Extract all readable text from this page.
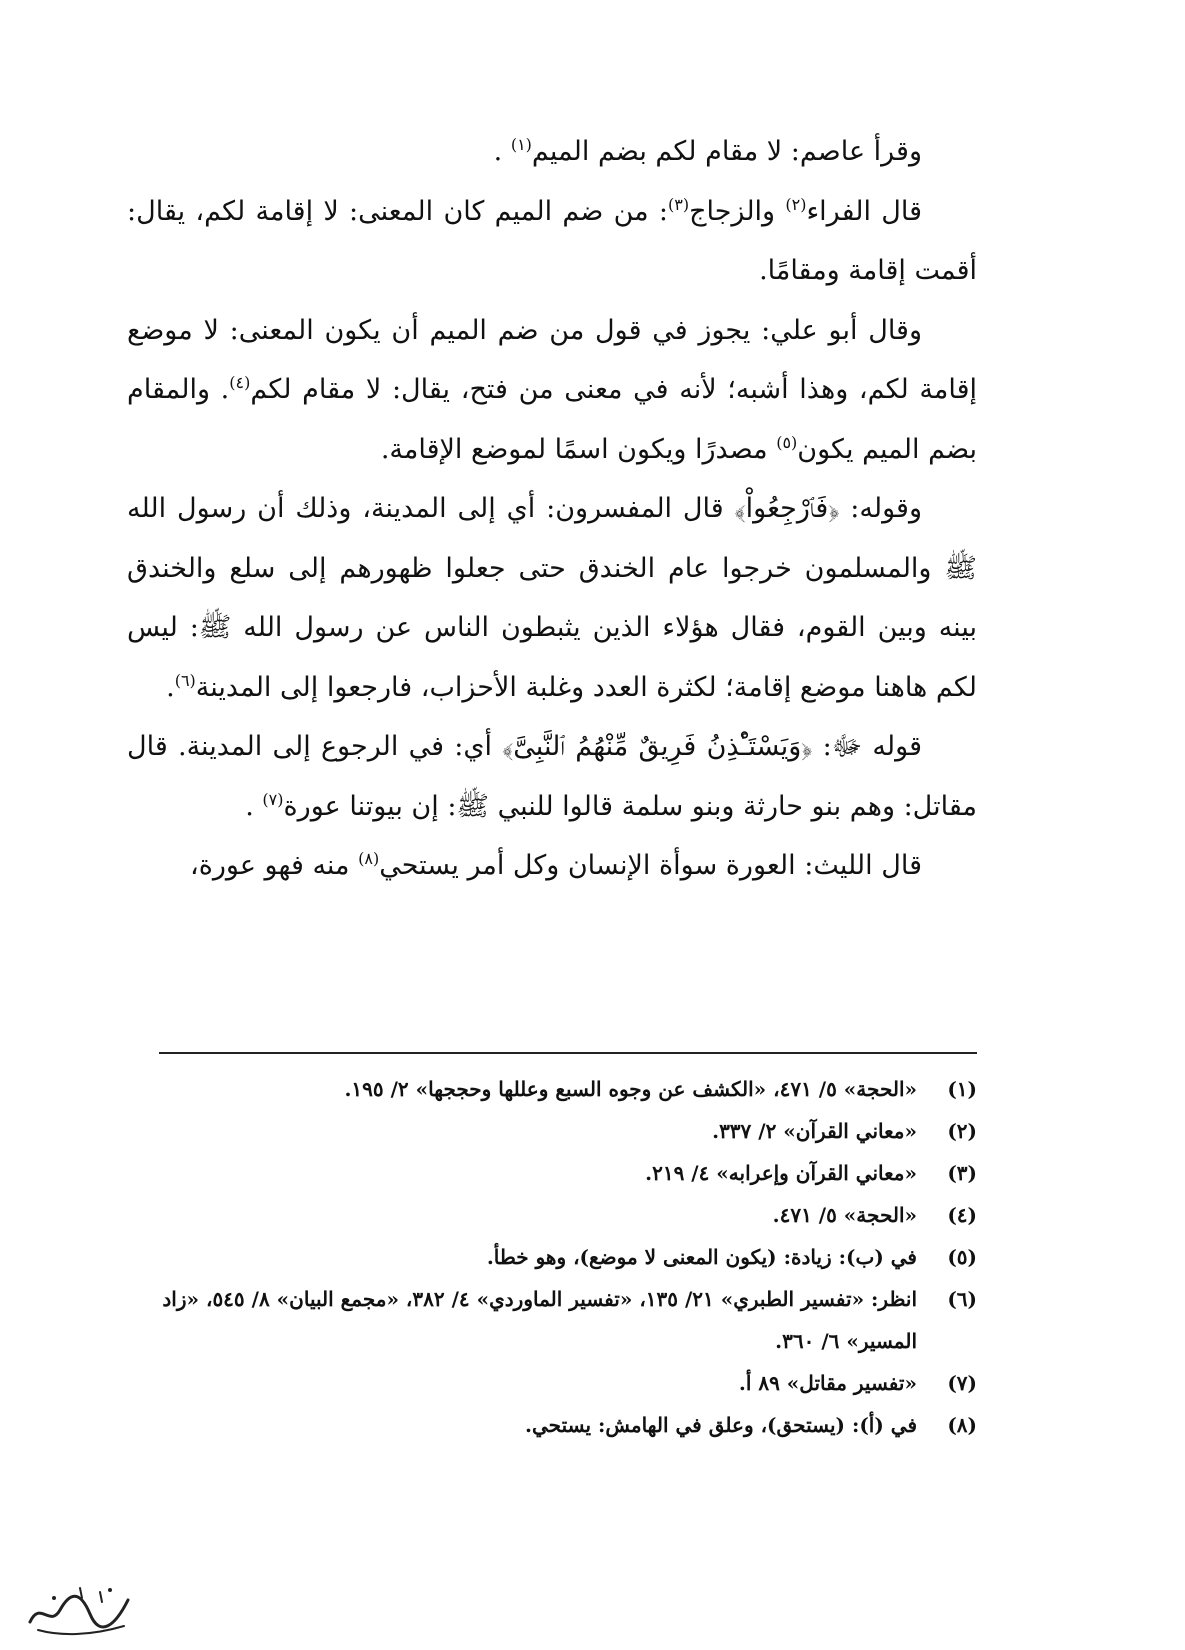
وقرأ عاصم: لا مقام لكم بضم الميم$^{(١)}$ .

قال الفراء$^{(٢)}$ والزجاج$^{(٣)}$: من ضم الميم كان المعنى: لا إقامة لكم، يقال: أقمت إقامة ومقامًا.

وقال أبو علي: يجوز في قول من ضم الميم أن يكون المعنى: لا موضع إقامة لكم، وهذا أشبه؛ لأنه في معنى من فتح، يقال: لا مقام لكم$^{(٤)}$. والمقام بضم الميم يكون$^{(٥)}$ مصدرًا ويكون اسمًا لموضع الإقامة.

وقوله: ﴿فَٱرْجِعُواْ﴾ قال المفسرون: أي إلى المدينة، وذلك أن رسول الله ﷺ والمسلمون خرجوا عام الخندق حتى جعلوا ظهورهم إلى سلع والخندق بينه وبين القوم، فقال هؤلاء الذين يثبطون الناس عن رسول الله ﷺ: ليس لكم هاهنا موضع إقامة؛ لكثرة العدد وغلبة الأحزاب، فارجعوا إلى المدينة$^{(٦)}$.

قوله ﷻ: ﴿وَيَسْتَـْٔذِنُ فَرِيقٌ مِّنْهُمُ ٱلنَّبِىَّ﴾ أي: في الرجوع إلى المدينة. قال مقاتل: وهم بنو حارثة وبنو سلمة قالوا للنبي ﷺ: إن بيوتنا عورة$^{(٧)}$ .

قال الليث: العورة سوأة الإنسان وكل أمر يستحي$^{(٨)}$ منه فهو عورة،

(١)
«الحجة» ٥/ ٤٧١، «الكشف عن وجوه السبع وعللها وحججها» ٢/ ١٩٥.
(٢)
«معاني القرآن» ٢/ ٣٣٧.
(٣)
«معاني القرآن وإعرابه» ٤/ ٢١٩.
(٤)
«الحجة» ٥/ ٤٧١.
(٥)
في (ب): زيادة: (يكون المعنى لا موضع)، وهو خطأ.
(٦)
انظر: «تفسير الطبري» ٢١/ ١٣٥، «تفسير الماوردي» ٤/ ٣٨٢، «مجمع البيان» ٨/ ٥٤٥، «زاد المسير» ٦/ ٣٦٠.
(٧)
«تفسير مقاتل» ٨٩ أ.
(٨)
في (أ): (يستحق)، وعلق في الهامش: يستحي.
